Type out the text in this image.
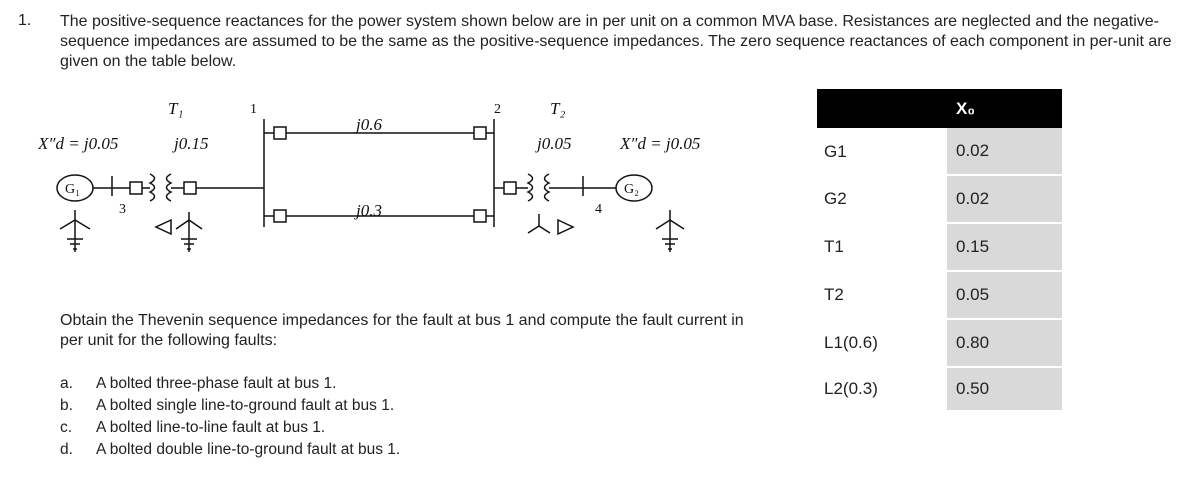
1. The positive-sequence reactances for the power system shown below are in per unit on a common MVA base. Resistances are neglected and the negative-sequence impedances are assumed to be the same as the positive-sequence impedances. The zero sequence reactances of each component in per-unit are given on the table below.
T₁	T₂
X″d = j0.05	j0.15
j0.6
j0.3
j0.05	X″d = j0.05
1	2
3	4
G₁	G₂
Obtain the Thevenin sequence impedances for the fault at bus 1 and compute the fault current in per unit for the following faults:
a. A bolted three-phase fault at bus 1.
b. A bolted single line-to-ground fault at bus 1.
c. A bolted line-to-line fault at bus 1.
d. A bolted double line-to-ground fault at bus 1.
	X₀
G1	0.02
G2	0.02
T1	0.15
T2	0.05
L1(0.6)	0.80
L2(0.3)	0.50
